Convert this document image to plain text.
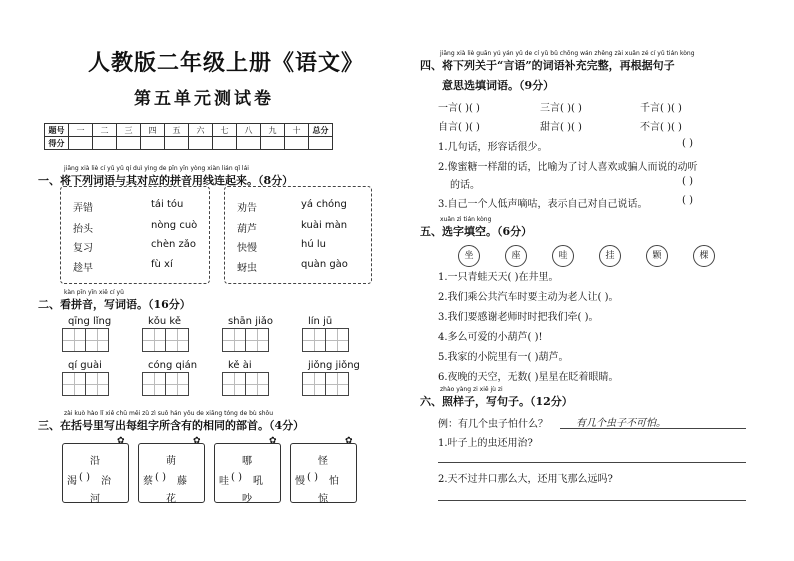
人教版二年级上册《语文》
第五单元测试卷
题号	一	二	三	四	五	六	七	八	九	十	总分
得分											
jiāng xià liè cí yǔ yǔ qí duì yìng de pīn yīn yòng xiàn lián qǐ lái
一、将下列词语与其对应的拼音用线连起来。（8分）
弄错
抬头
复习
趁早
tái tóu
nòng cuò
chèn zǎo
fù xí
劝告
葫芦
快慢
蚜虫
yá chóng
kuài màn
hú lu
quàn gào
kàn pīn yīn xiě cí yǔ
二、看拼音，写词语。（16分）
qīng lǐng	kǒu kě	shān jiǎo	lín jū
qí guài	cóng qián	kě ài	jiǒng jiǒng
zài kuò hào lǐ xiě chū měi zǔ zì suǒ hán yǒu de xiāng tóng de bù shǒu
三、在括号里写出每组字所含有的相同的部首。（4分）
沿
渴 治
河
( )
✿
萌
蔡 藤
花
( )
✿
哪
哇 吼
吵
( )
✿
怪
慢 怕
惊
( )
✿
jiāng xià liè guān yú yán yǔ de cí yǔ bǔ chōng wán zhěng zài xuǎn zé cí yǔ tián kòng
四、将下列关于“言语”的词语补充完整，再根据句子
意思选填词语。（9分）
一言( )( )	三言( )( )	千言( )( )
自言( )( )	甜言( )( )	不言( )( )
1.几句话，形容话很少。	( )
2.像蜜糖一样甜的话，比喻为了讨人喜欢或骗人而说的动听
的话。	( )
3.自己一个人低声嘀咕，表示自己对自己说话。	( )
xuǎn zì tián kòng
五、选字填空。（6分）
坐	座	哇	挂	颗	棵
1.一只青蛙天天( )在井里。
2.我们乘公共汽车时要主动为老人让( )。
3.我们要感谢老师时时把我们牵( )。
4.多么可爱的小葫芦( )!
5.我家的小院里有一( )葫芦。
6.夜晚的天空，无数( )星星在眨着眼睛。
zhào yàng zi xiě jù zi
六、照样子，写句子。（12分）
例：有几个虫子怕什么？	有几个虫子不可怕。
1.叶子上的虫还用治?
2.天不过井口那么大，还用飞那么远吗?
